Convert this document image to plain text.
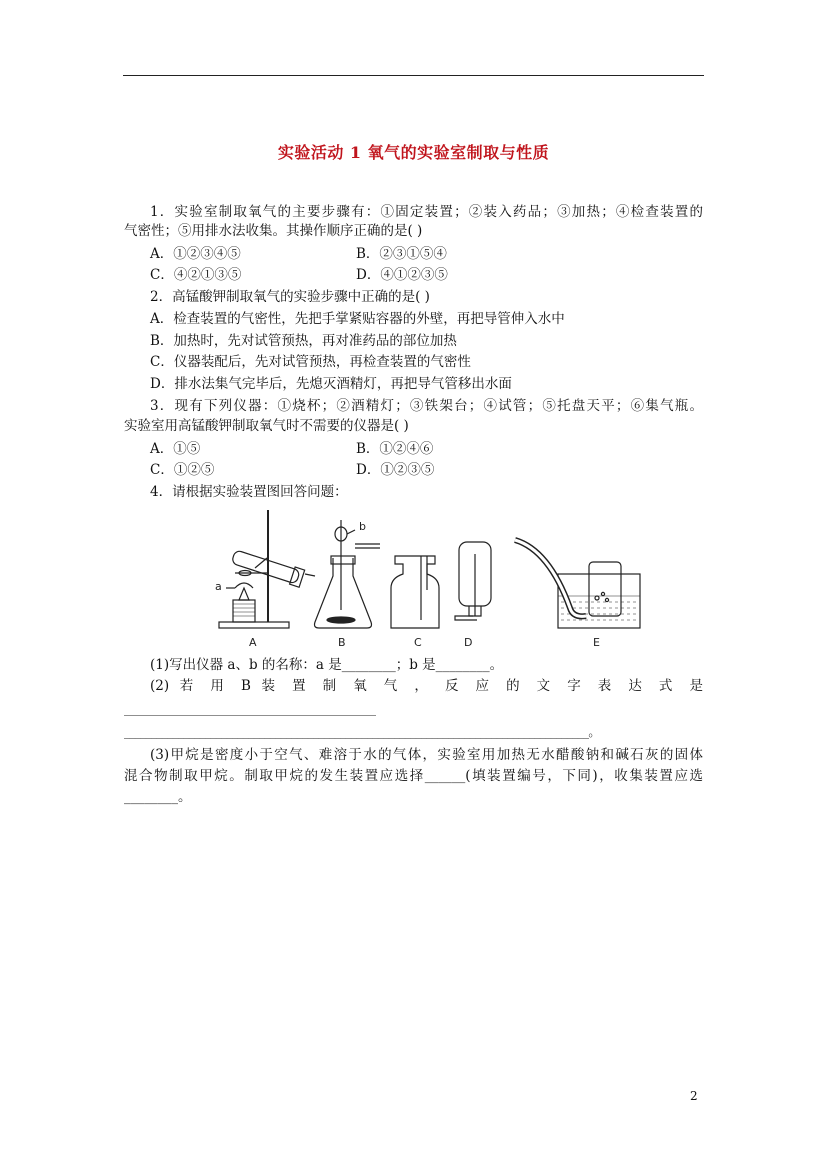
实验活动 1 氧气的实验室制取与性质
1．实验室制取氧气的主要步骤有：①固定装置；②装入药品；③加热；④检查装置的
气密性；⑤用排水法收集。其操作顺序正确的是( )
A．①②③④⑤	B．②③①⑤④
C．④②①③⑤	D．④①②③⑤
2．高锰酸钾制取氧气的实验步骤中正确的是( )
A．检查装置的气密性，先把手掌紧贴容器的外壁，再把导管伸入水中
B．加热时，先对试管预热，再对准药品的部位加热
C．仪器装配后，先对试管预热，再检查装置的气密性
D．排水法集气完毕后，先熄灭酒精灯，再把导气管移出水面
3．现有下列仪器：①烧杯；②酒精灯；③铁架台；④试管；⑤托盘天平；⑥集气瓶。
实验室用高锰酸钾制取氧气时不需要的仪器是( )
A．①⑤	B．①②④⑥
C．①②⑤	D．①②③⑤
4．请根据实验装置图回答问题：
a
b
A	B	C	D	E
(1)写出仪器 a、b 的名称：a 是________；b 是________。
(2) 若 用 B 装 置 制 氧 气 ， 反 应 的 文 字 表 达 式 是
__________________________________________
______________________________________________________________________________________。
(3)甲烷是密度小于空气、难溶于水的气体，实验室用加热无水醋酸钠和碱石灰的固体
混合物制取甲烷。制取甲烷的发生装置应选择______(填装置编号，下同)，收集装置应选
________。
2
